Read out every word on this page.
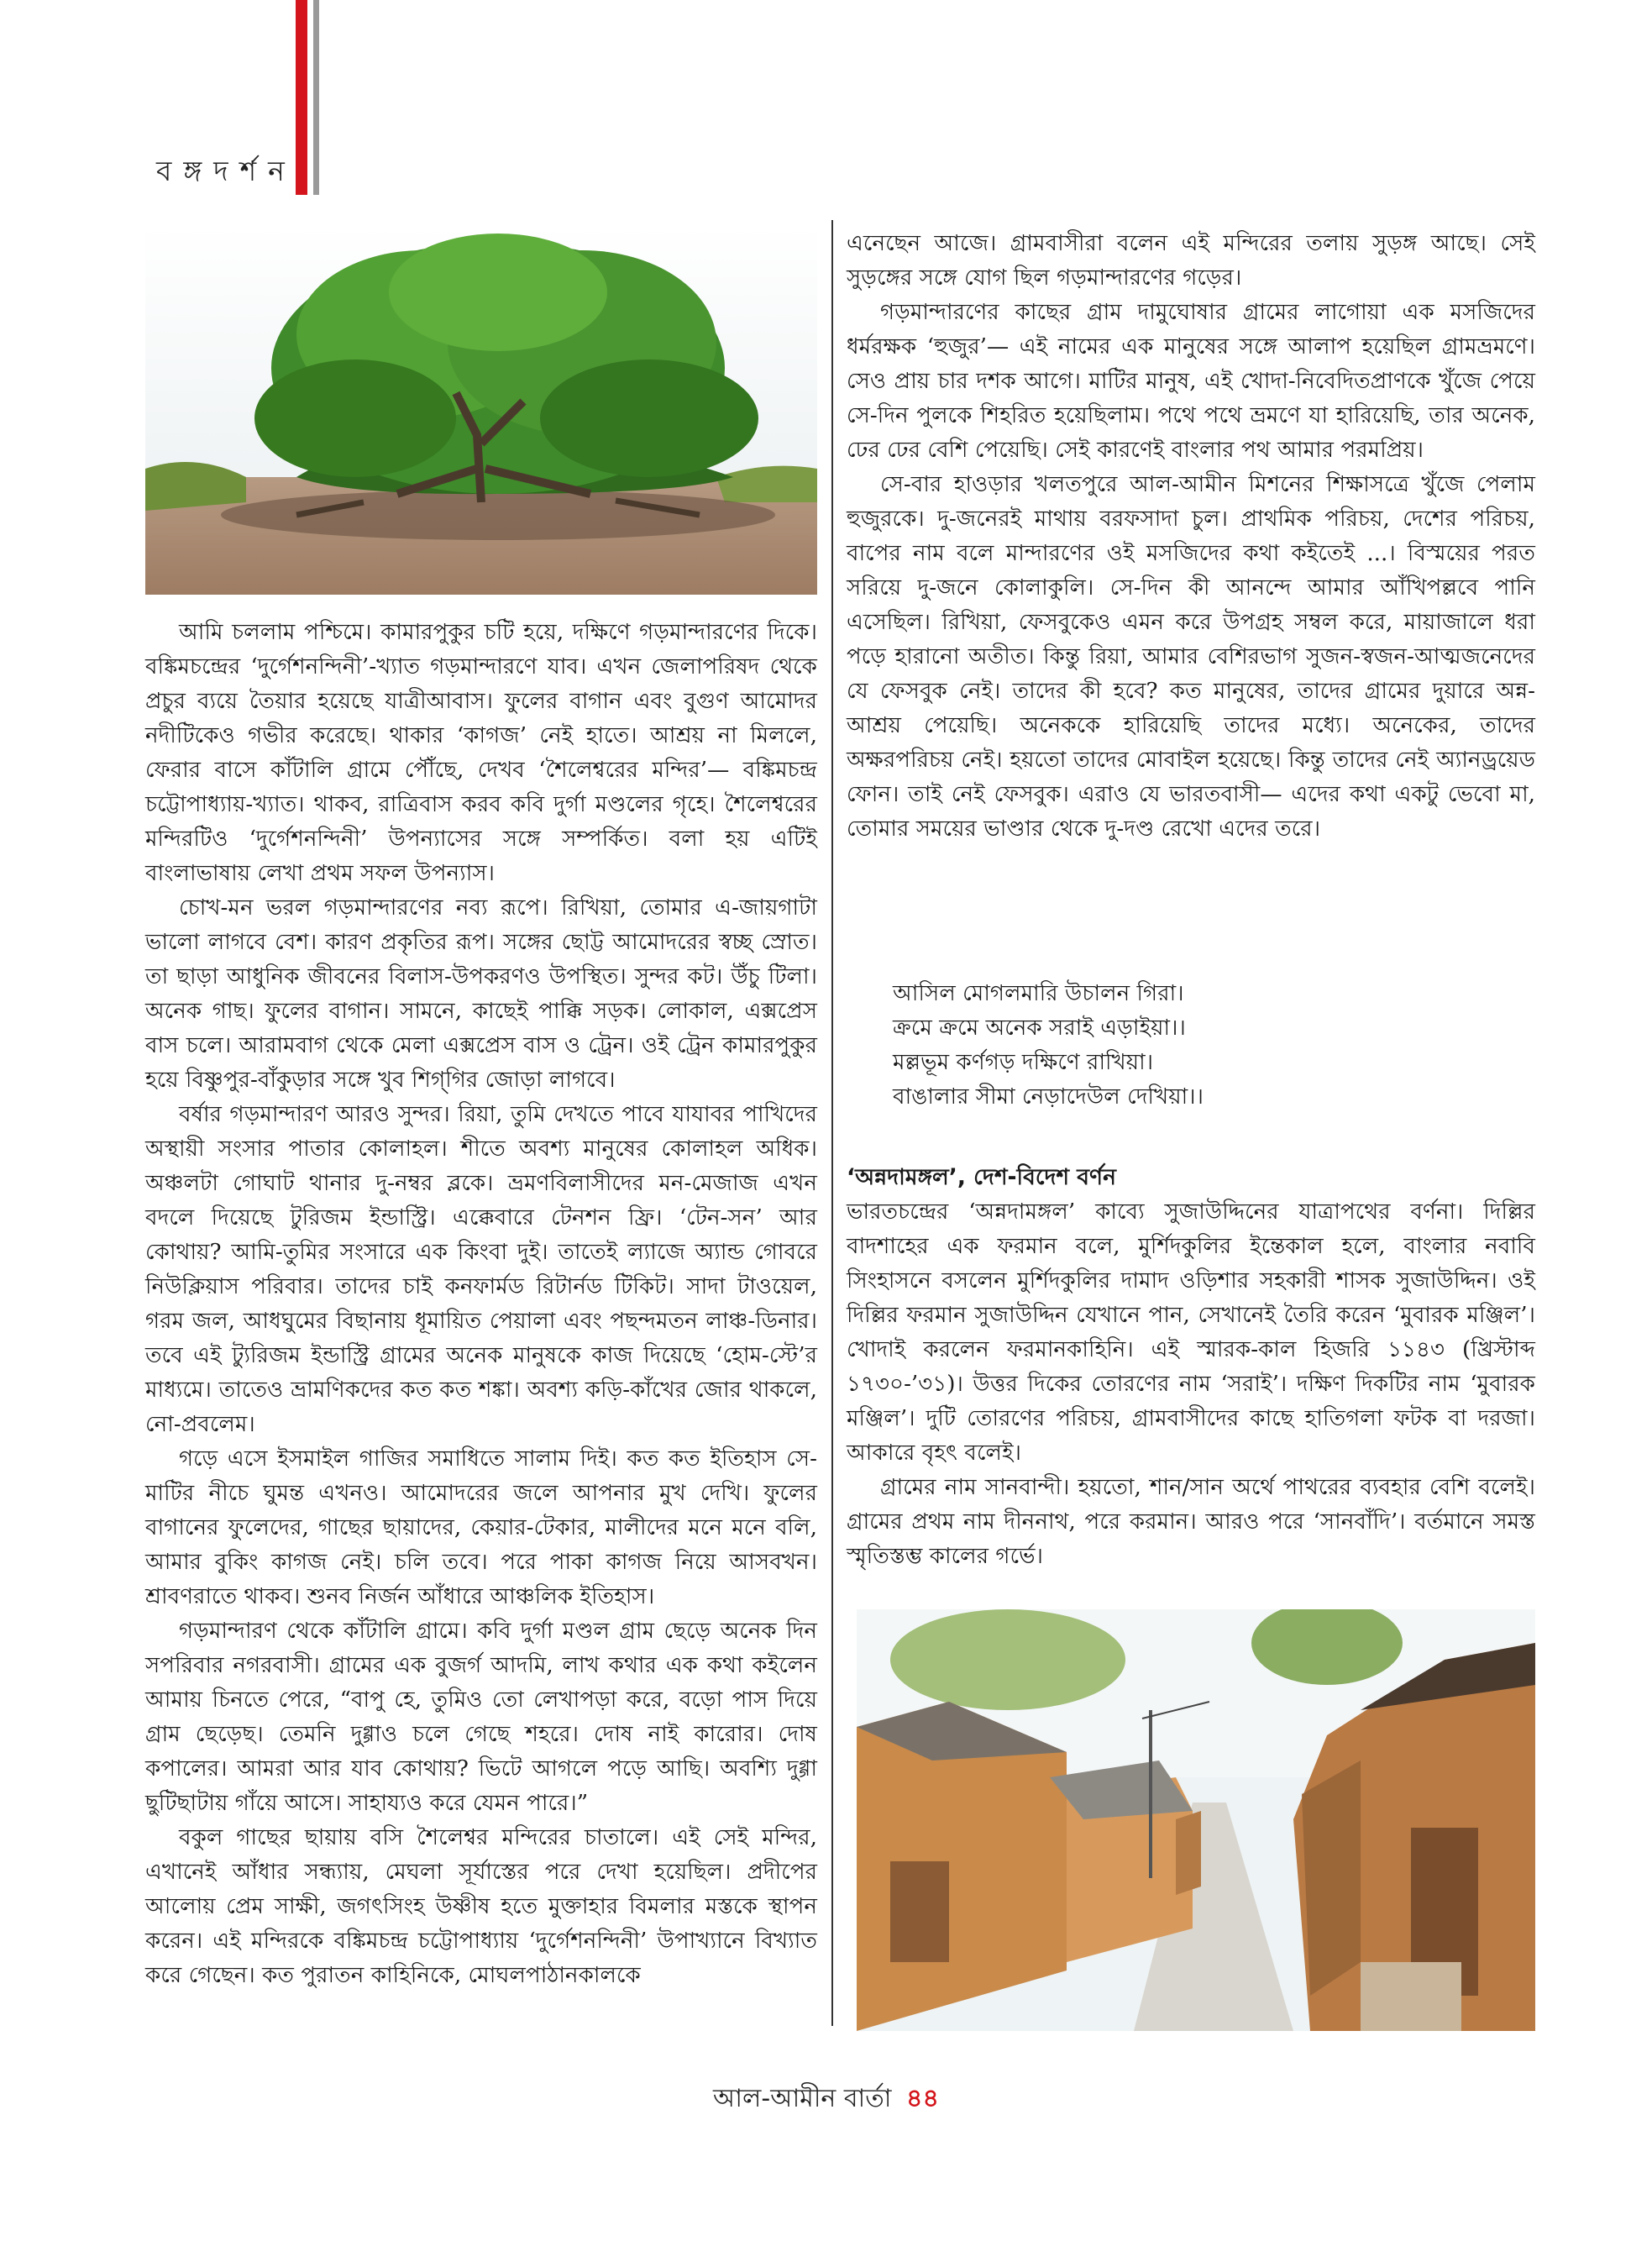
বঙ্গদর্শন

আমি চললাম পশ্চিমে। কামারপুকুর চটি হয়ে, দক্ষিণে গড়মান্দারণের দিকে। বঙ্কিমচন্দ্রের ‘দুর্গেশনন্দিনী’-খ্যাত গড়মান্দারণে যাব। এখন জেলাপরিষদ থেকে প্রচুর ব্যয়ে তৈয়ার হয়েছে যাত্রীআবাস। ফুলের বাগান এবং বুগুণ আমোদর নদীটিকেও গভীর করেছে। থাকার ‘কাগজ’ নেই হাতে। আশ্রয় না মিললে, ফেরার বাসে কাঁটালি গ্রামে পৌঁছে, দেখব ‘শৈলেশ্বরের মন্দির’— বঙ্কিমচন্দ্র চট্টোপাধ্যায়-খ্যাত। থাকব, রাত্রিবাস করব কবি দুর্গা মণ্ডলের গৃহে। শৈলেশ্বরের মন্দিরটিও ‘দুর্গেশনন্দিনী’ উপন্যাসের সঙ্গে সম্পর্কিত। বলা হয় এটিই বাংলাভাষায় লেখা প্রথম সফল উপন্যাস।

চোখ-মন ভরল গড়মান্দারণের নব্য রূপে। রিখিয়া, তোমার এ-জায়গাটা ভালো লাগবে বেশ। কারণ প্রকৃতির রূপ। সঙ্গের ছোট্ট আমোদরের স্বচ্ছ স্রোত। তা ছাড়া আধুনিক জীবনের বিলাস-উপকরণও উপস্থিত। সুন্দর কট। উঁচু টিলা। অনেক গাছ। ফুলের বাগান। সামনে, কাছেই পাক্কি সড়ক। লোকাল, এক্সপ্রেস বাস চলে। আরামবাগ থেকে মেলা এক্সপ্রেস বাস ও ট্রেন। ওই ট্রেন কামারপুকুর হয়ে বিষ্ণুপুর-বাঁকুড়ার সঙ্গে খুব শিগ্‌গির জোড়া লাগবে।

বর্ষার গড়মান্দারণ আরও সুন্দর। রিয়া, তুমি দেখতে পাবে যাযাবর পাখিদের অস্থায়ী সংসার পাতার কোলাহল। শীতে অবশ্য মানুষের কোলাহল অধিক। অঞ্চলটা গোঘাট থানার দু-নম্বর ব্লকে। ভ্রমণবিলাসীদের মন-মেজাজ এখন বদলে দিয়েছে টুরিজম ইন্ডাস্ট্রি। এক্কেবারে টেনশন ফ্রি। ‘টেন-সন’ আর কোথায়? আমি-তুমির সংসারে এক কিংবা দুই। তাতেই ল্যাজে অ্যান্ড গোবরে নিউক্লিয়াস পরিবার। তাদের চাই কনফার্মড রিটার্নড টিকিট। সাদা টাওয়েল, গরম জল, আধঘুমের বিছানায় ধূমায়িত পেয়ালা এবং পছন্দমতন লাঞ্চ-ডিনার। তবে এই ট্যুরিজম ইন্ডাস্ট্রি গ্রামের অনেক মানুষকে কাজ দিয়েছে ‘হোম-স্টে’র মাধ্যমে। তাতেও ভ্রামণিকদের কত কত শঙ্কা। অবশ্য কড়ি-কাঁখের জোর থাকলে, নো-প্রবলেম।

গড়ে এসে ইসমাইল গাজির সমাধিতে সালাম দিই। কত কত ইতিহাস সে-মাটির নীচে ঘুমন্ত এখনও। আমোদরের জলে আপনার মুখ দেখি। ফুলের বাগানের ফুলেদের, গাছের ছায়াদের, কেয়ার-টেকার, মালীদের মনে মনে বলি, আমার বুকিং কাগজ নেই। চলি তবে। পরে পাকা কাগজ নিয়ে আসবখন। শ্রাবণরাতে থাকব। শুনব নির্জন আঁধারে আঞ্চলিক ইতিহাস।

গড়মান্দারণ থেকে কাঁটালি গ্রামে। কবি দুর্গা মণ্ডল গ্রাম ছেড়ে অনেক দিন সপরিবার নগরবাসী। গ্রামের এক বুজর্গ আদমি, লাখ কথার এক কথা কইলেন আমায় চিনতে পেরে, “বাপু হে, তুমিও তো লেখাপড়া করে, বড়ো পাস দিয়ে গ্রাম ছেড়েছ। তেমনি দুগ্গাও চলে গেছে শহরে। দোষ নাই কারোর। দোষ কপালের। আমরা আর যাব কোথায়? ভিটে আগলে পড়ে আছি। অবশ্যি দুগ্গা ছুটিছাটায় গাঁয়ে আসে। সাহায্যও করে যেমন পারে।”

বকুল গাছের ছায়ায় বসি শৈলেশ্বর মন্দিরের চাতালে। এই সেই মন্দির, এখানেই আঁধার সন্ধ্যায়, মেঘলা সূর্যাস্তের পরে দেখা হয়েছিল। প্রদীপের আলোয় প্রেম সাক্ষী, জগৎসিংহ উষ্ণীষ হতে মুক্তাহার বিমলার মস্তকে স্থাপন করেন। এই মন্দিরকে বঙ্কিমচন্দ্র চট্টোপাধ্যায় ‘দুর্গেশনন্দিনী’ উপাখ্যানে বিখ্যাত করে গেছেন। কত পুরাতন কাহিনিকে, মোঘলপাঠানকালকে

এনেছেন আজে। গ্রামবাসীরা বলেন এই মন্দিরের তলায় সুড়ঙ্গ আছে। সেই সুড়ঙ্গের সঙ্গে যোগ ছিল গড়মান্দারণের গড়ের।

গড়মান্দারণের কাছের গ্রাম দামুঘোষার গ্রামের লাগোয়া এক মসজিদের ধর্মরক্ষক ‘হুজুর’— এই নামের এক মানুষের সঙ্গে আলাপ হয়েছিল গ্রামভ্রমণে। সেও প্রায় চার দশক আগে। মাটির মানুষ, এই খোদা-নিবেদিতপ্রাণকে খুঁজে পেয়ে সে-দিন পুলকে শিহরিত হয়েছিলাম। পথে পথে ভ্রমণে যা হারিয়েছি, তার অনেক, ঢের ঢের বেশি পেয়েছি। সেই কারণেই বাংলার পথ আমার পরমপ্রিয়।

সে-বার হাওড়ার খলতপুরে আল-আমীন মিশনের শিক্ষাসত্রে খুঁজে পেলাম হুজুরকে। দু-জনেরই মাথায় বরফসাদা চুল। প্রাথমিক পরিচয়, দেশের পরিচয়, বাপের নাম বলে মান্দারণের ওই মসজিদের কথা কইতেই ...। বিস্ময়ের পরত সরিয়ে দু-জনে কোলাকুলি। সে-দিন কী আনন্দে আমার আঁখিপল্লবে পানি এসেছিল। রিখিয়া, ফেসবুকেও এমন করে উপগ্রহ সম্বল করে, মায়াজালে ধরা পড়ে হারানো অতীত। কিন্তু রিয়া, আমার বেশিরভাগ সুজন-স্বজন-আত্মজনেদের যে ফেসবুক নেই। তাদের কী হবে? কত মানুষের, তাদের গ্রামের দুয়ারে অন্ন-আশ্রয় পেয়েছি। অনেককে হারিয়েছি তাদের মধ্যে। অনেকের, তাদের অক্ষরপরিচয় নেই। হয়তো তাদের মোবাইল হয়েছে। কিন্তু তাদের নেই অ্যানড্রয়েড ফোন। তাই নেই ফেসবুক। এরাও যে ভারতবাসী— এদের কথা একটু ভেবো মা, তোমার সময়ের ভাণ্ডার থেকে দু-দণ্ড রেখো এদের তরে।

আসিল মোগলমারি উচালন গিরা।
ক্রমে ক্রমে অনেক সরাই এড়াইয়া।।
মল্লভূম কর্ণগড় দক্ষিণে রাখিয়া।
বাঙালার সীমা নেড়াদেউল দেখিয়া।।
‘অন্নদামঙ্গল’, দেশ-বিদেশ বর্ণন

ভারতচন্দ্রের ‘অন্নদামঙ্গল’ কাব্যে সুজাউদ্দিনের যাত্রাপথের বর্ণনা। দিল্লির বাদশাহের এক ফরমান বলে, মুর্শিদকুলির ইন্তেকাল হলে, বাংলার নবাবি সিংহাসনে বসলেন মুর্শিদকুলির দামাদ ওড়িশার সহকারী শাসক সুজাউদ্দিন। ওই দিল্লির ফরমান সুজাউদ্দিন যেখানে পান, সেখানেই তৈরি করেন ‘মুবারক মঞ্জিল’। খোদাই করলেন ফরমানকাহিনি। এই স্মারক-কাল হিজরি ১১৪৩ (খ্রিস্টাব্দ ১৭৩০-’৩১)। উত্তর দিকের তোরণের নাম ‘সরাই’। দক্ষিণ দিকটির নাম ‘মুবারক মঞ্জিল’। দুটি তোরণের পরিচয়, গ্রামবাসীদের কাছে হাতিগলা ফটক বা দরজা। আকারে বৃহৎ বলেই।

গ্রামের নাম সানবান্দী। হয়তো, শান/সান অর্থে পাথরের ব্যবহার বেশি বলেই। গ্রামের প্রথম নাম দীননাথ, পরে করমান। আরও পরে ‘সানবাঁদি’। বর্তমানে সমস্ত স্মৃতিস্তম্ভ কালের গর্ভে।

আল-আমীন বার্তা ৪৪
